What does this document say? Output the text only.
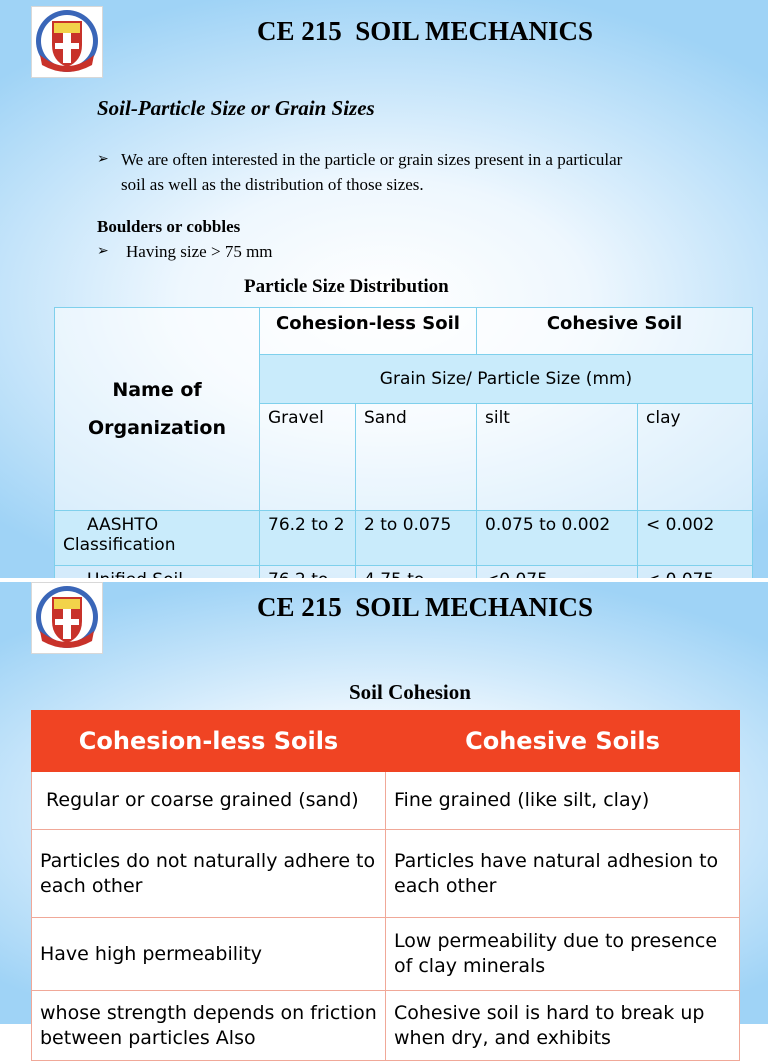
CE 215  SOIL MECHANICS
Soil-Particle Size or Grain Sizes
➢ We are often interested in the particle or grain sizes present in a particular soil as well as the distribution of those sizes.

Boulders or cobbles

➢	Having size > 75 mm

Particle Size Distribution

Name of Organization	Cohesion-less Soil		Cohesive Soil	
	Grain Size/ Particle Size (mm)			
	Gravel	Sand	silt	clay
AASHTO Classification	76.2 to 2	2 to 0.075	0.075 to 0.002	< 0.002

CE 215  SOIL MECHANICS
Soil Cohesion
Cohesion-less Soils	Cohesive Soils
Regular or coarse grained (sand)	Fine grained (like silt, clay)
Particles do not naturally adhere to each other	Particles have natural adhesion to each other
Have high permeability	Low permeability due to presence of clay minerals
whose strength depends on friction between particles Also	Cohesive soil is hard to break up when dry, and exhibits
